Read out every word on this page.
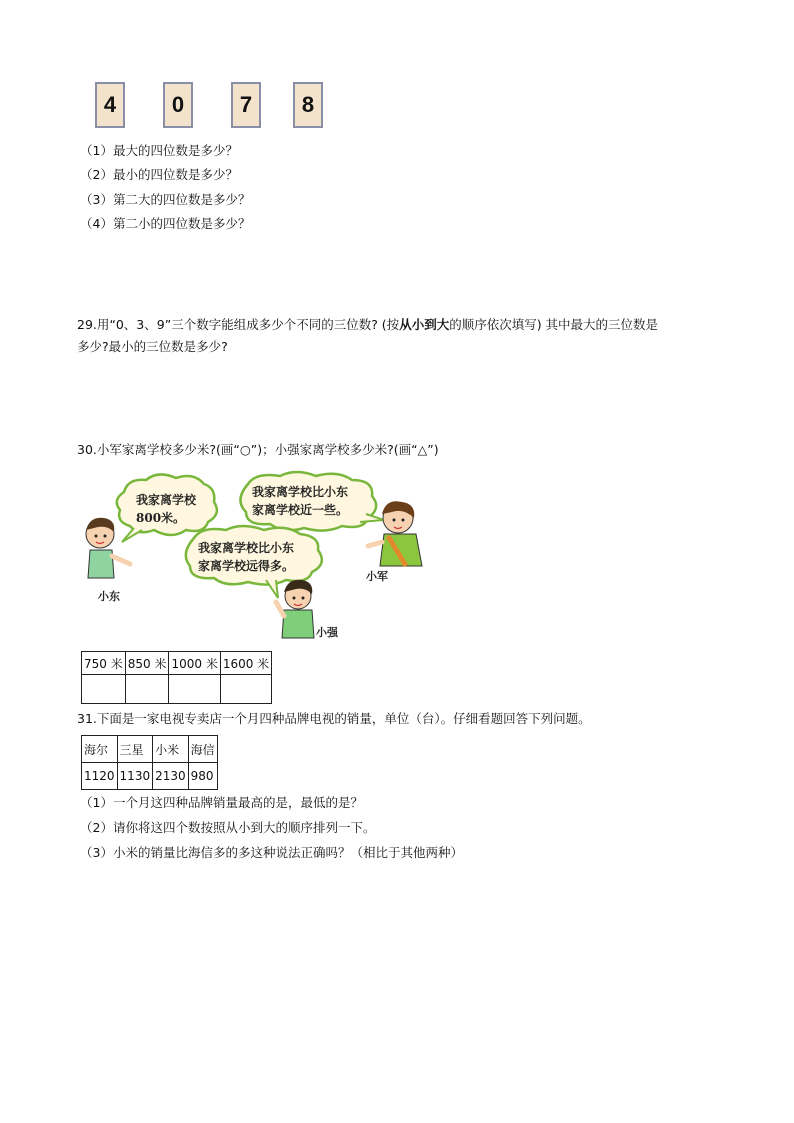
4	0	7	8
（1）最大的四位数是多少？
（2）最小的四位数是多少？
（3）第二大的四位数是多少？
（4）第二小的四位数是多少？
29.用“0、3、9”三个数字能组成多少个不同的三位数? (按从小到大的顺序依次填写) 其中最大的三位数是
多少?最小的三位数是多少?
30.小军家离学校多少米?(画“○”)；小强家离学校多少米?(画“△”)
我家离学校
800米。
我家离学校比小东
家离学校近一些。
我家离学校比小东
家离学校远得多。
小东
小军
小强
750 米	850 米	1000 米	1600 米

31.下面是一家电视专卖店一个月四种品牌电视的销量，单位（台）。仔细看题回答下列问题。
海尔	三星	小米	海信
1120	1130	2130	980
（1）一个月这四种品牌销量最高的是，最低的是？
（2）请你将这四个数按照从小到大的顺序排列一下。
（3）小米的销量比海信多的多这种说法正确吗？（相比于其他两种）
